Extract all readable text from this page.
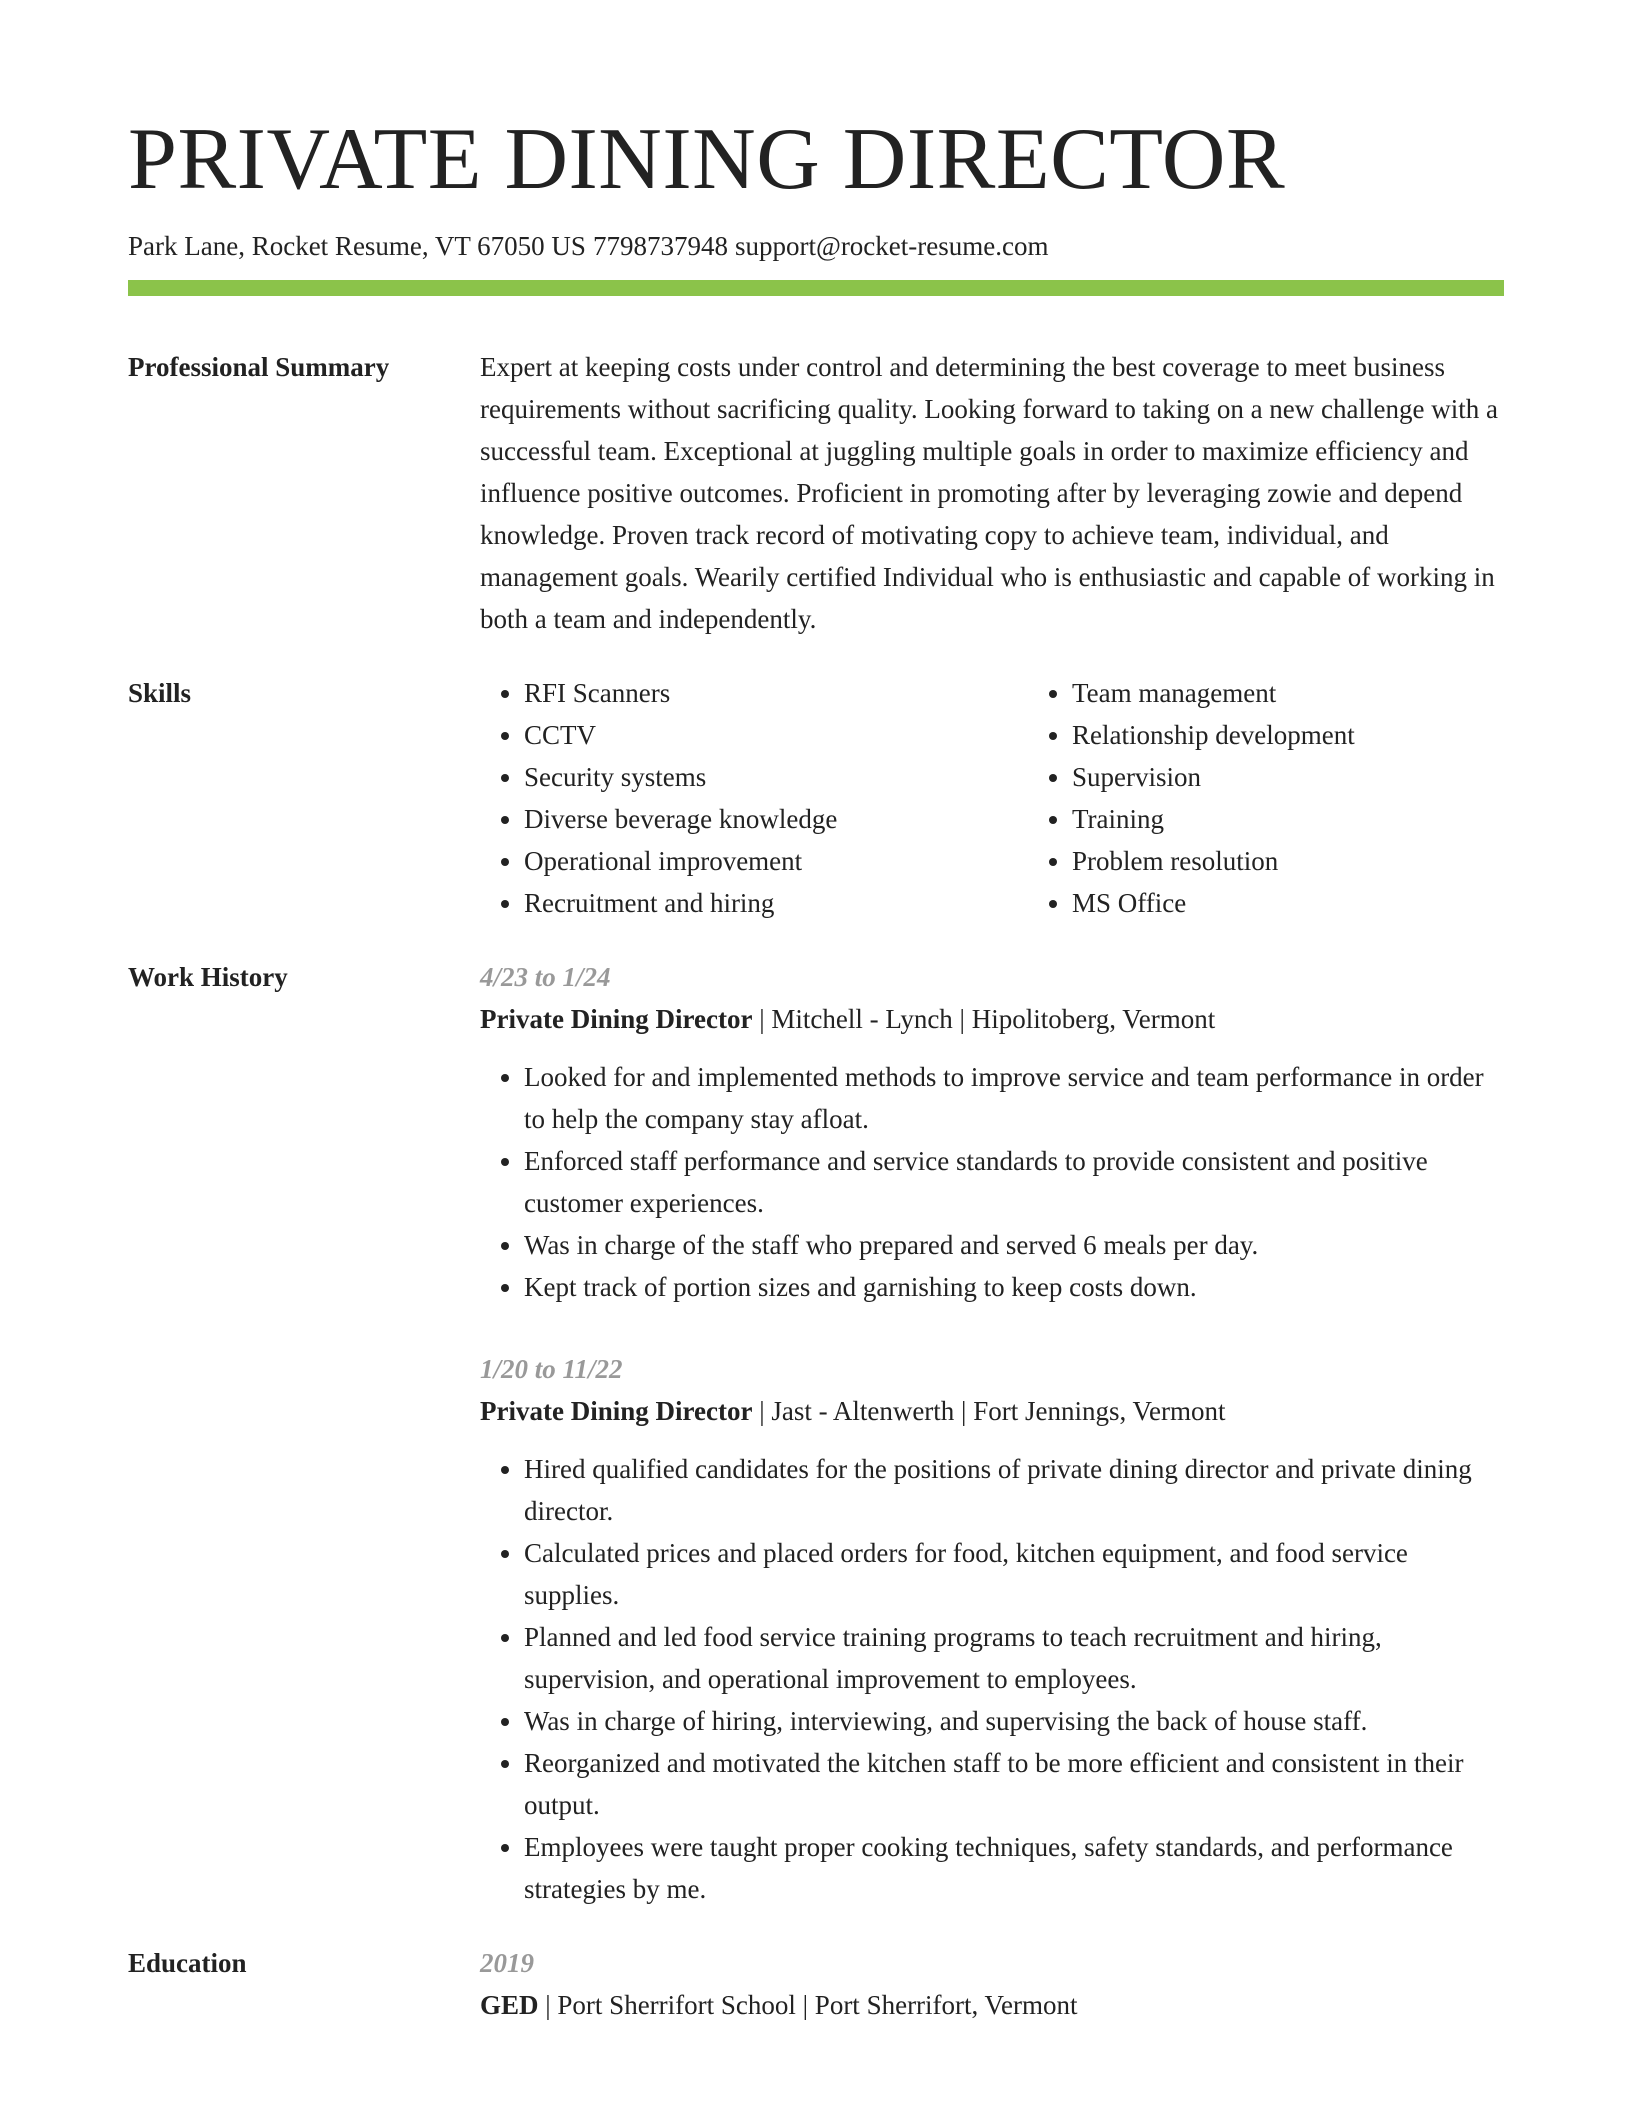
PRIVATE DINING DIRECTOR
Park Lane, Rocket Resume, VT 67050 US 7798737948 support@rocket-resume.com
Professional Summary	Expert at keeping costs under control and determining the best coverage to meet business requirements without sacrificing quality. Looking forward to taking on a new challenge with a successful team. Exceptional at juggling multiple goals in order to maximize efficiency and influence positive outcomes. Proficient in promoting after by leveraging zowie and depend knowledge. Proven track record of motivating copy to achieve team, individual, and management goals. Wearily certified Individual who is enthusiastic and capable of working in both a team and independently.
Skills
•	RFI Scanners
• CCTV
• Security systems
• Diverse beverage knowledge
• Operational improvement
• Recruitment and hiring
• Team management
• Relationship development
• Supervision
• Training
• Problem resolution
• MS Office
Work History	4/23 to 1/24
Private Dining Director | Mitchell - Lynch | Hipolitoberg, Vermont
• Looked for and implemented methods to improve service and team performance in order to help the company stay afloat.
• Enforced staff performance and service standards to provide consistent and positive customer experiences.
• Was in charge of the staff who prepared and served 6 meals per day.
• Kept track of portion sizes and garnishing to keep costs down.
1/20 to 11/22
Private Dining Director | Jast - Altenwerth | Fort Jennings, Vermont
• Hired qualified candidates for the positions of private dining director and private dining director.
• Calculated prices and placed orders for food, kitchen equipment, and food service supplies.
• Planned and led food service training programs to teach recruitment and hiring, supervision, and operational improvement to employees.
• Was in charge of hiring, interviewing, and supervising the back of house staff.
• Reorganized and motivated the kitchen staff to be more efficient and consistent in their output.
• Employees were taught proper cooking techniques, safety standards, and performance strategies by me.
Education	2019
GED | Port Sherrifort School | Port Sherrifort, Vermont
